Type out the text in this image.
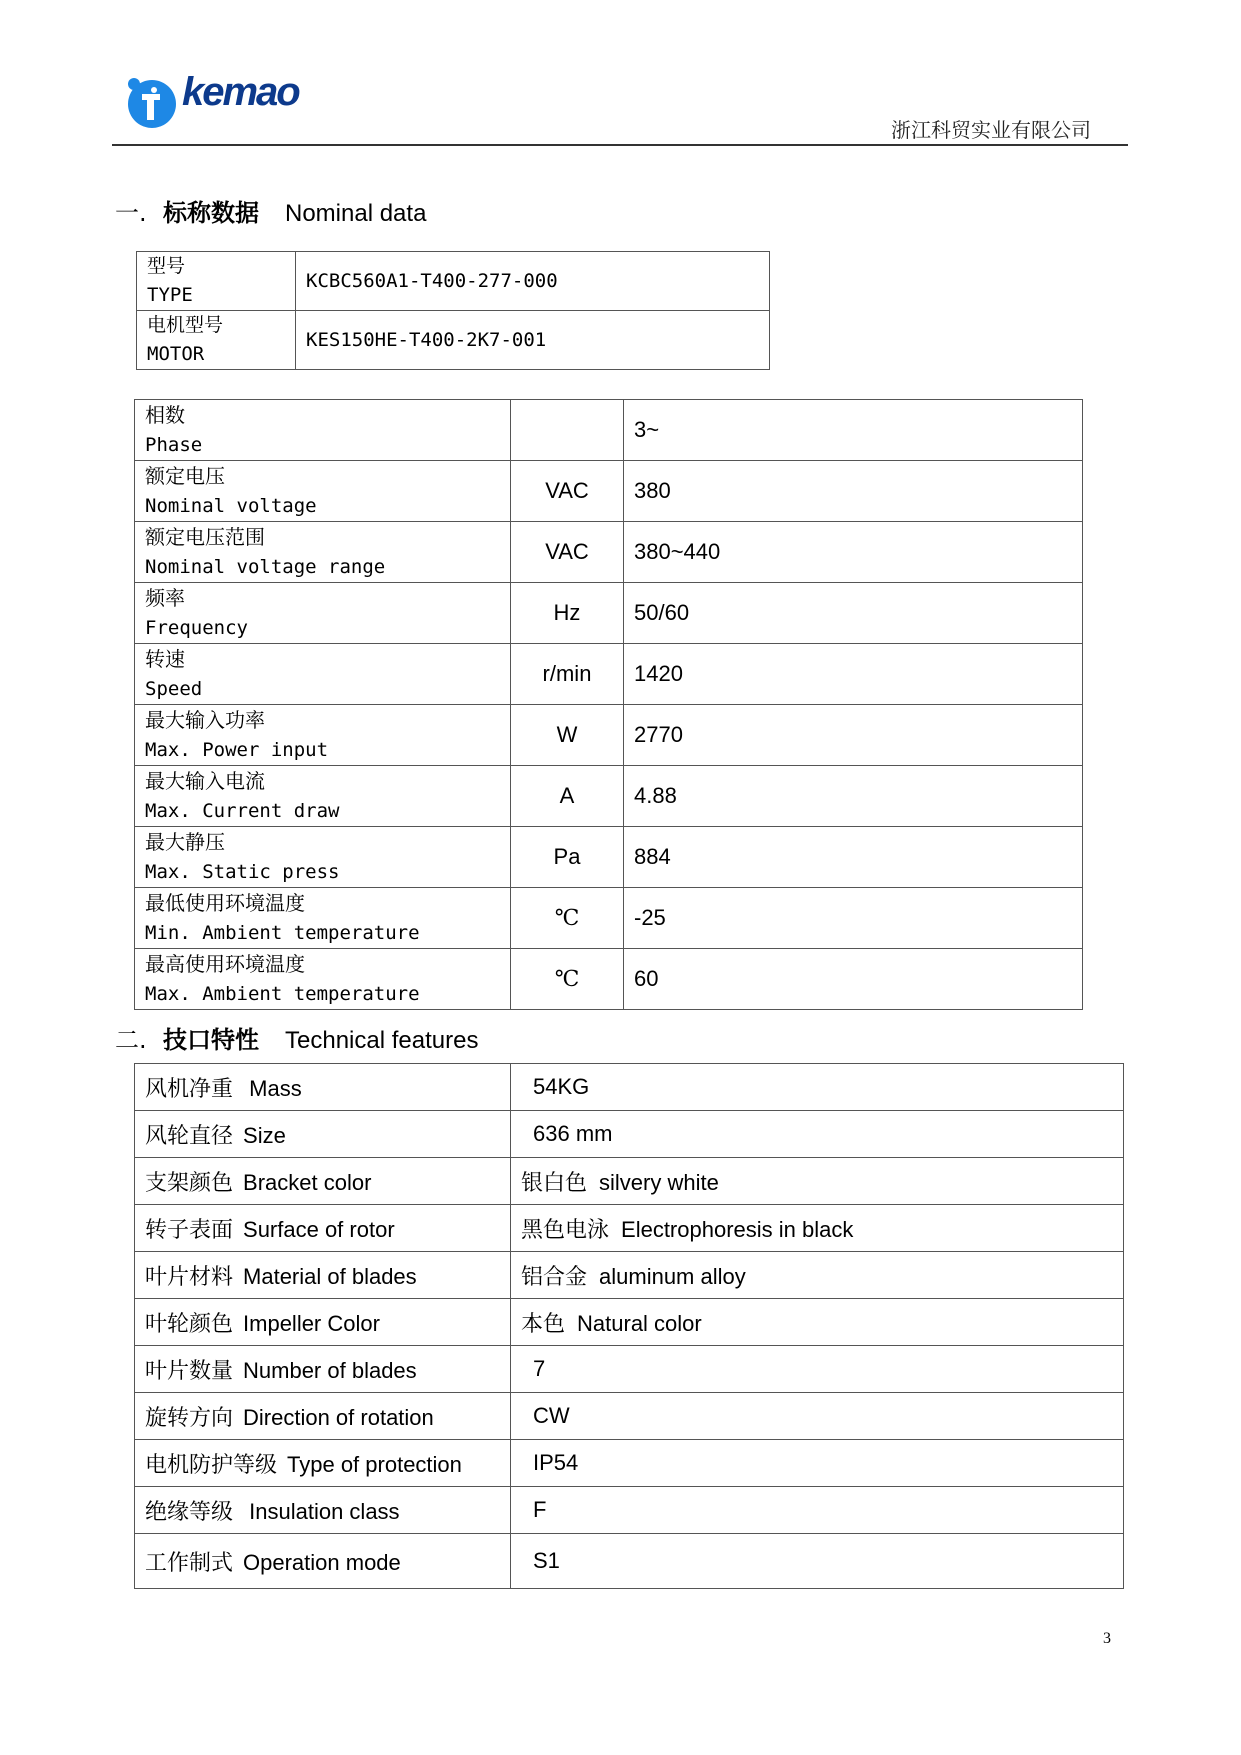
kemao
浙江科贸实业有限公司
一. 标称数据 Nominal data
型号
TYPE	KCBC560A1-T400-277-000

电机型号
MOTOR	KES150HE-T400-2K7-001
相数
Phase		3~

额定电压
Nominal voltage	VAC	380

额定电压范围
Nominal voltage range	VAC	380~440

频率
Frequency	Hz	50/60

转速
Speed	r/min	1420

最大输入功率
Max. Power input	W	2770

最大输入电流
Max. Current draw	A	4.88

最大静压
Max. Static press	Pa	884

最低使用环境温度
Min. Ambient temperature	℃	-25

最高使用环境温度
Max. Ambient temperature	℃	60
二. 技口特性 Technical features
风机净重 Mass	54KG
风轮直径 Size	636 mm
支架颜色 Bracket color	银白色 silvery white
转子表面 Surface of rotor	黑色电泳 Electrophoresis in black
叶片材料 Material of blades	铝合金 aluminum alloy
叶轮颜色 Impeller Color	本色 Natural color
叶片数量 Number of blades	7
旋转方向 Direction of rotation	CW
电机防护等级 Type of protection	IP54
绝缘等级 Insulation class	F
工作制式 Operation mode	S1
3
